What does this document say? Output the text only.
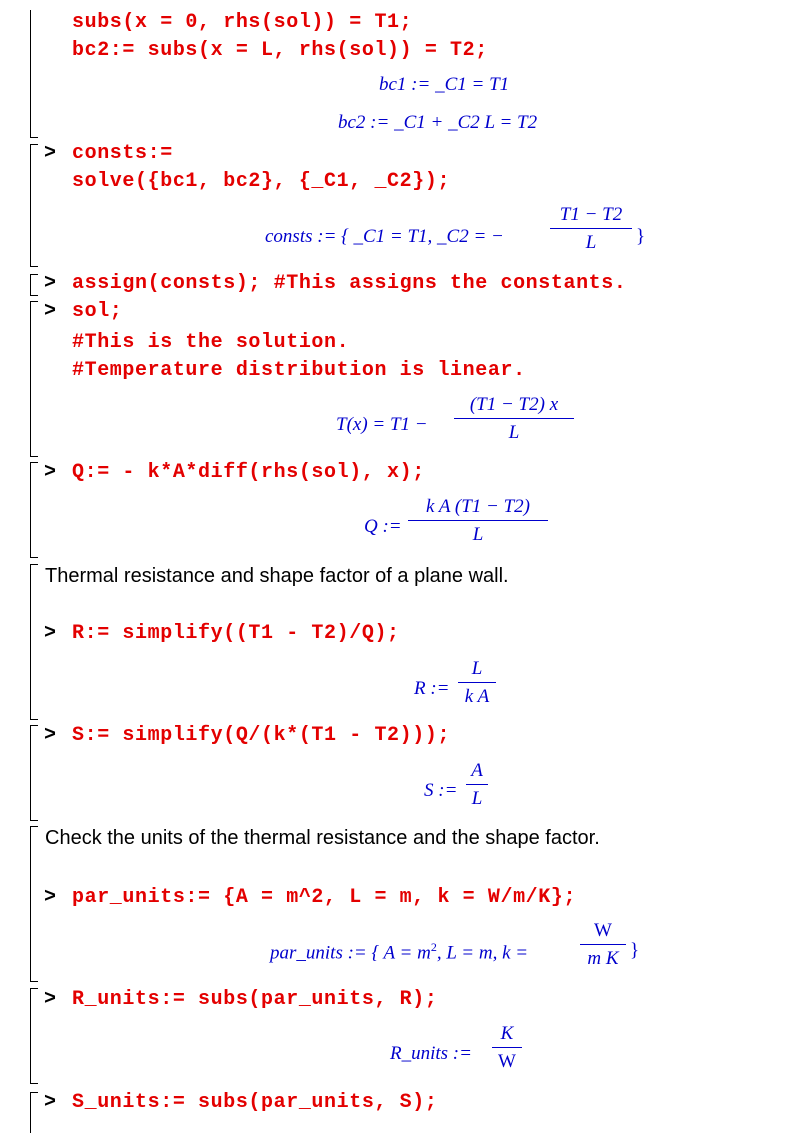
subs(x = 0, rhs(sol)) = T1;
bc2:= subs(x = L, rhs(sol)) = T2;
bc1 := _C1 = T1
bc2 := _C1 + _C2 L = T2
> consts:=
solve({bc1, bc2}, {_C1, _C2});
consts := { _C1 = T1, _C2 = −
T1 − T2
L	}
> assign(consts); #This assigns the constants.
> sol;
#This is the solution.
#Temperature distribution is linear.
T(x) = T1 −
(T1 − T2) x
L
> Q:= - k*A*diff(rhs(sol), x);
Q :=
k A (T1 − T2)
L
Thermal resistance and shape factor of a plane wall.
> R:= simplify((T1 - T2)/Q);
R :=
L
k A
> S:= simplify(Q/(k*(T1 - T2)));
S :=
A
L
Check the units of the thermal resistance and the shape factor.
> par_units:= {A = m^2, L = m, k = W/m/K};
par_units := { $A = m^2$, L = m, k =
W
m K }
> R_units:= subs(par_units, R);
R_units :=
K
W
> S_units:= subs(par_units, S);
